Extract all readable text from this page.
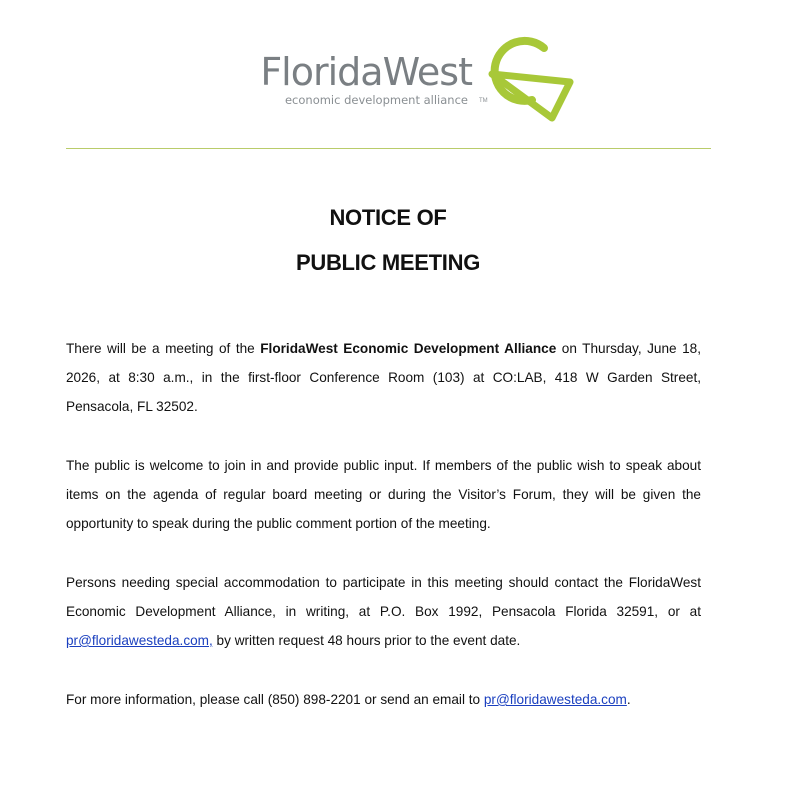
FloridaWest
economic development alliance TM
NOTICE OF
PUBLIC MEETING
There will be a meeting of the FloridaWest Economic Development Alliance on Thursday, June 18, 2026, at 8:30 a.m., in the first-floor Conference Room (103) at CO:LAB, 418 W Garden Street, Pensacola, FL 32502.
The public is welcome to join in and provide public input. If members of the public wish to speak about items on the agenda of regular board meeting or during the Visitor’s Forum, they will be given the opportunity to speak during the public comment portion of the meeting.
Persons needing special accommodation to participate in this meeting should contact the FloridaWest Economic Development Alliance, in writing, at P.O. Box 1992, Pensacola Florida 32591, or at pr@floridawesteda.com, by written request 48 hours prior to the event date.
For more information, please call (850) 898-2201 or send an email to pr@floridawesteda.com.
